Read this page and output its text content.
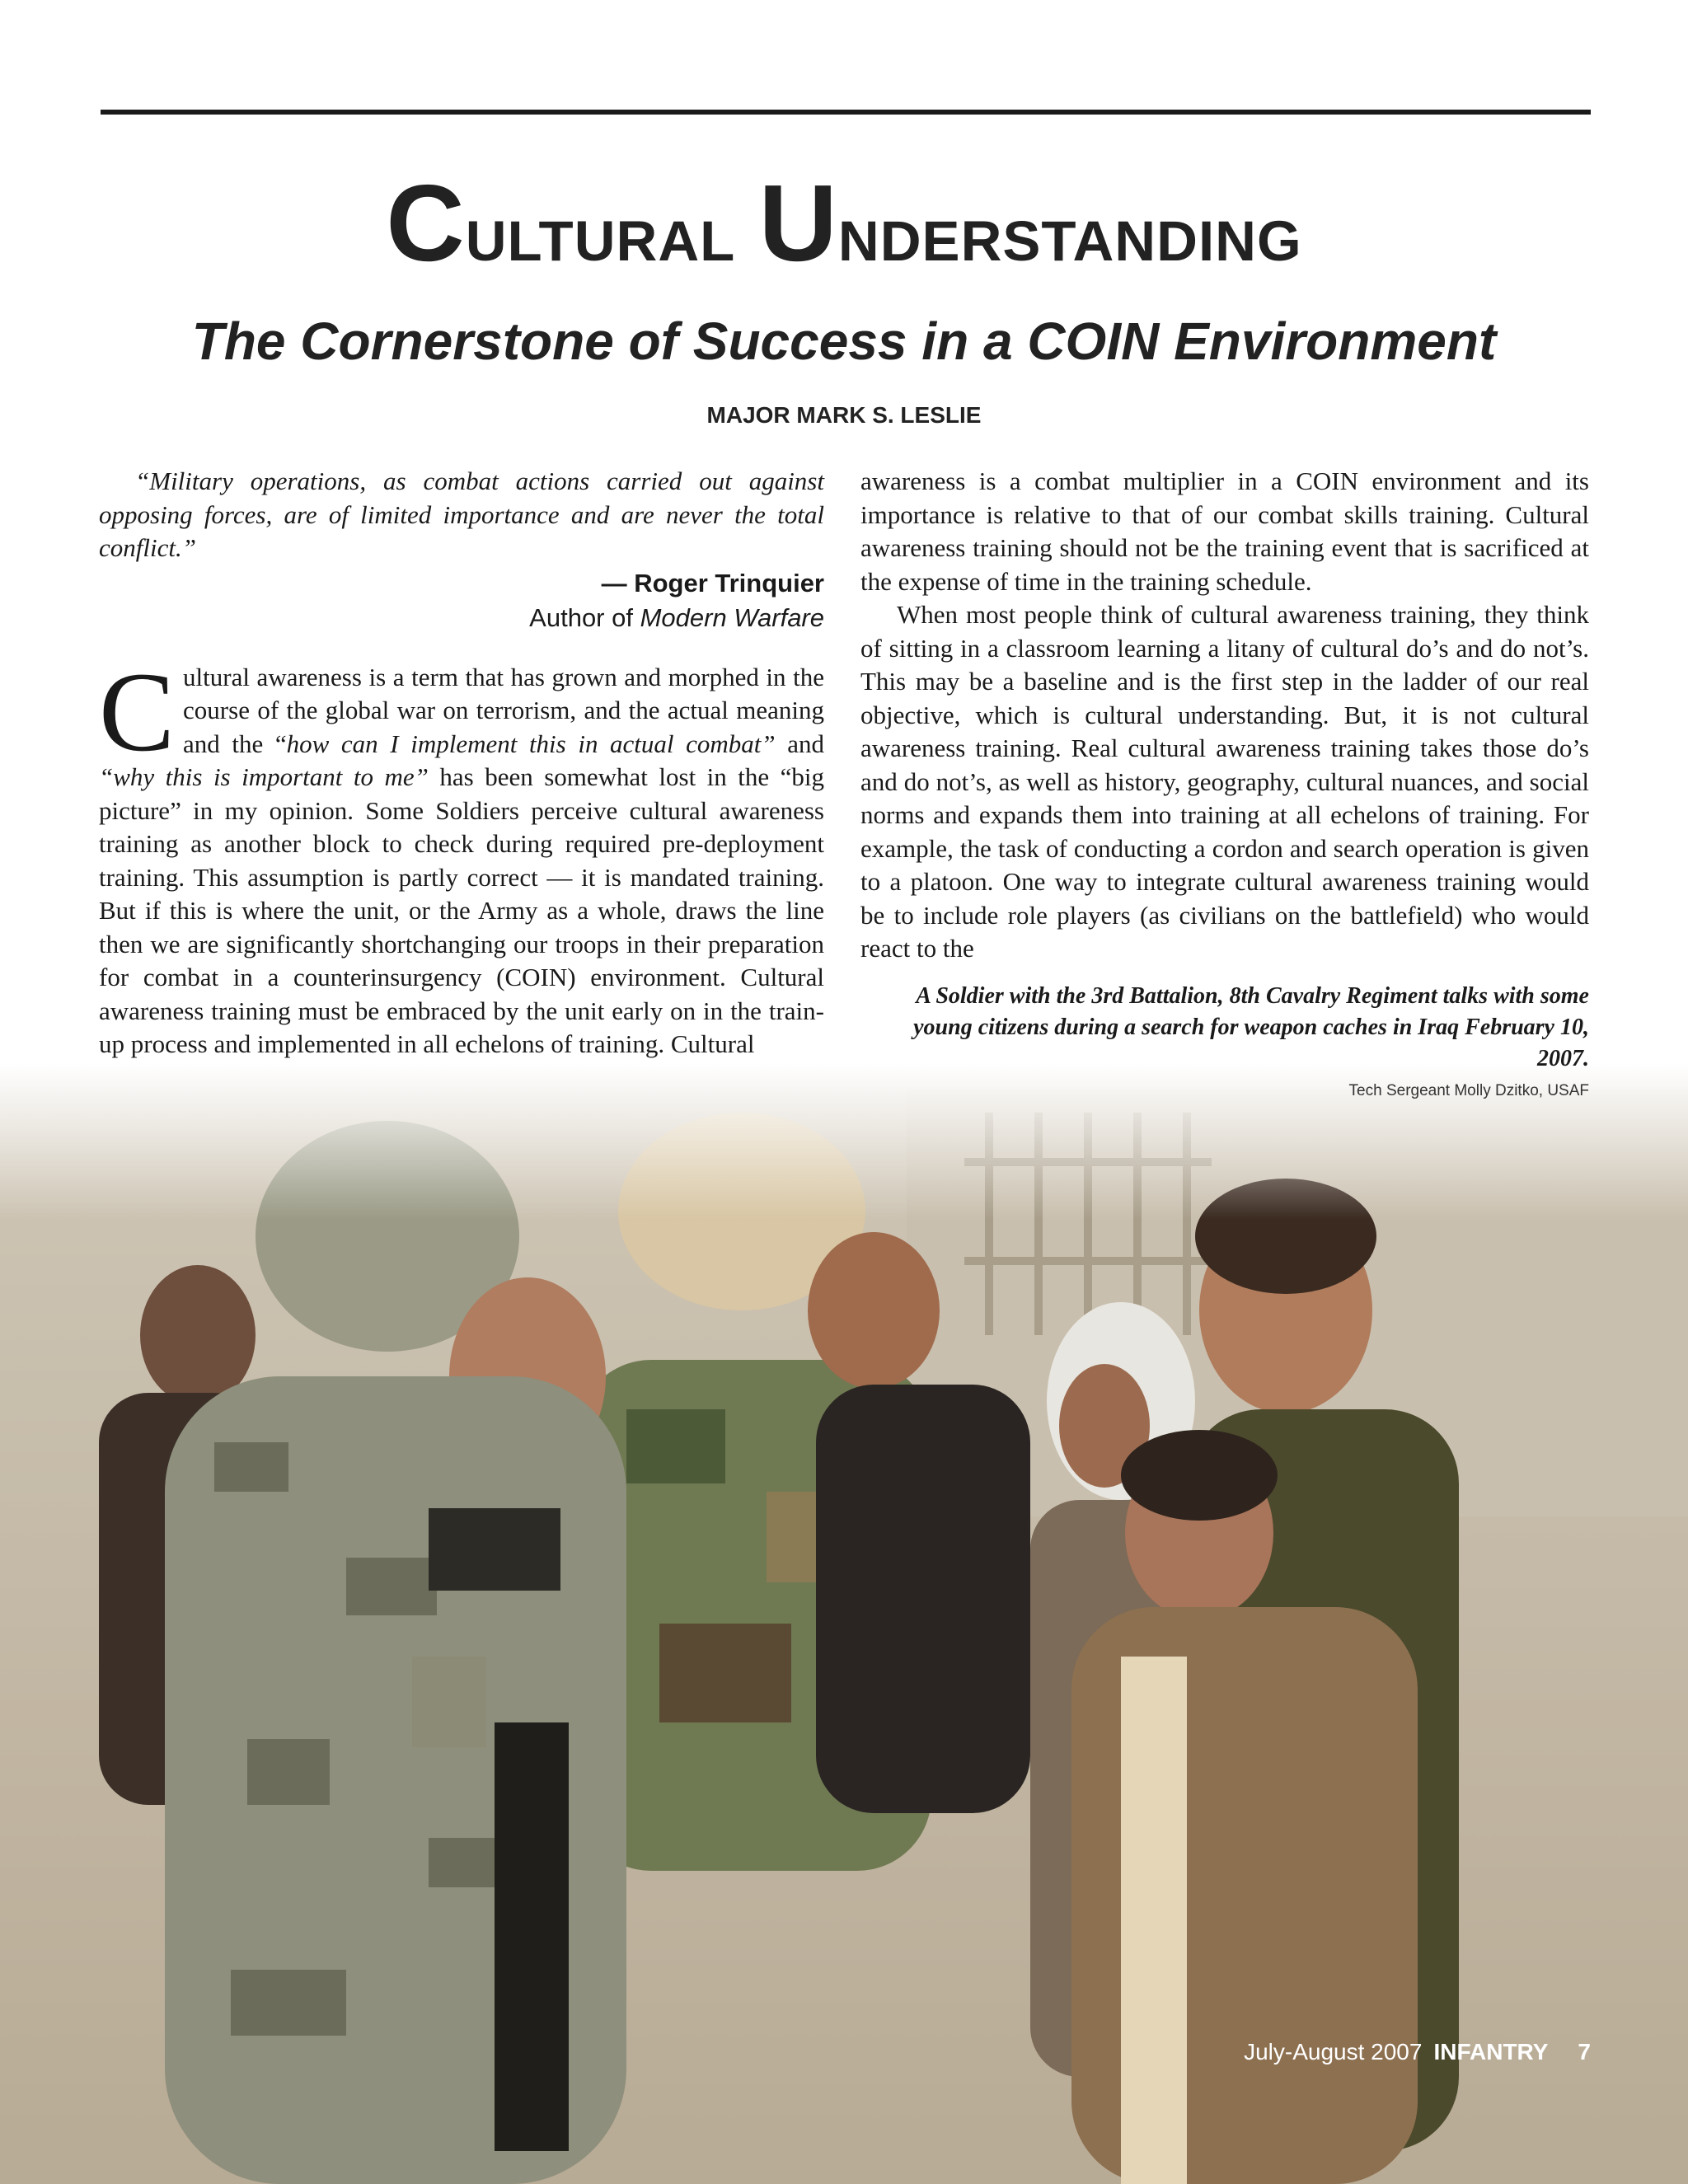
Cultural Understanding
The Cornerstone of Success in a COIN Environment
MAJOR MARK S. LESLIE

“Military operations, as combat actions carried out against opposing forces, are of limited importance and are never the total conflict.”

— Roger Trinquier

Author of Modern Warfare

Cultural awareness is a term that has grown and morphed in the course of the global war on terrorism, and the actual meaning and the “how can I implement this in actual combat” and “why this is important to me” has been somewhat lost in the “big picture” in my opinion. Some Soldiers perceive cultural awareness training as another block to check during required pre-deployment training. This assumption is partly correct — it is mandated training. But if this is where the unit, or the Army as a whole, draws the line then we are significantly shortchanging our troops in their preparation for combat in a counterinsurgency (COIN) environment. Cultural awareness training must be embraced by the unit early on in the train-up process and implemented in all echelons of training. Cultural

awareness is a combat multiplier in a COIN environment and its importance is relative to that of our combat skills training. Cultural awareness training should not be the training event that is sacrificed at the expense of time in the training schedule.

When most people think of cultural awareness training, they think of sitting in a classroom learning a litany of cultural do’s and do not’s. This may be a baseline and is the first step in the ladder of our real objective, which is cultural understanding. But, it is not cultural awareness training. Real cultural awareness training takes those do’s and do not’s, as well as history, geography, cultural nuances, and social norms and expands them into training at all echelons of training. For example, the task of conducting a cordon and search operation is given to a platoon. One way to integrate cultural awareness training would be to include role players (as civilians on the battlefield) who would react to the

A Soldier with the 3rd Battalion, 8th Cavalry Regiment talks with some young citizens during a search for weapon caches in Iraq February 10, 2007.
Tech Sergeant Molly Dzitko, USAF
July-August 2007 INFANTRY 7
